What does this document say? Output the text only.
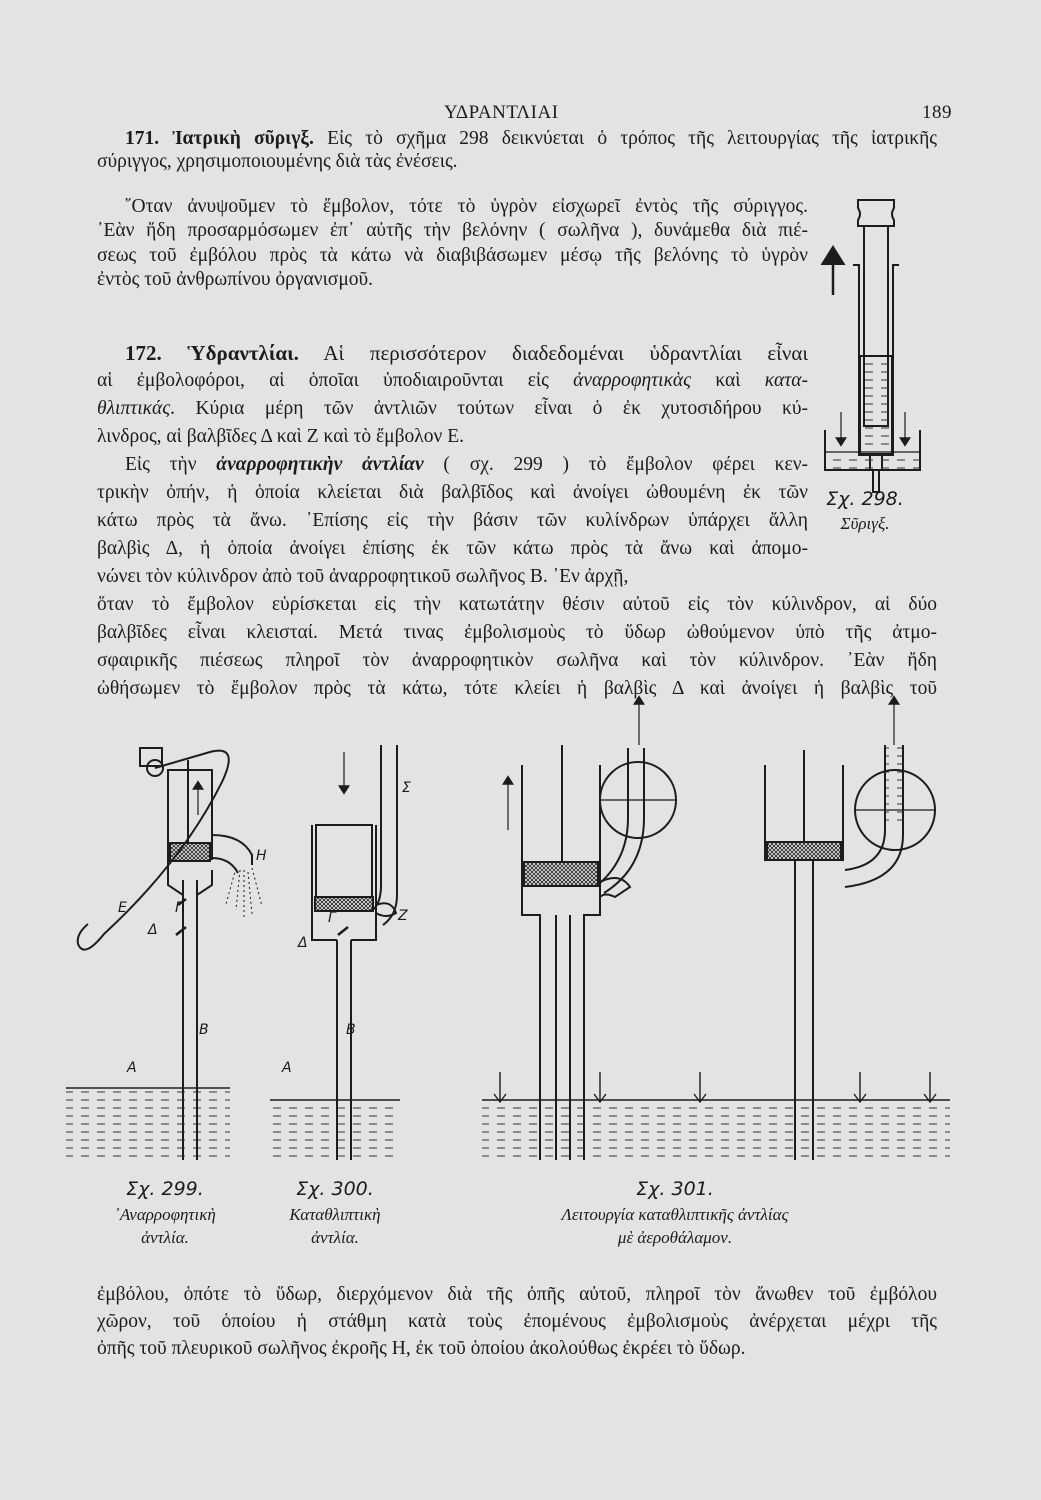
ΥΔΡΑΝΤΛΙΑΙ	189
171. Ἰατρικὴ σῦριγξ. Εἰς τὸ σχῆμα 298 δεικνύεται ὁ τρόπος τῆς λειτουργίας τῆς ἰατρικῆς
σύριγγος, χρησιμοποιουμένης διὰ τὰς ἐνέσεις.
῞Οταν ἀνυψοῦμεν τὸ ἔμβολον, τότε τὸ ὑγρὸν εἰσχωρεῖ ἐντὸς τῆς σύριγγος.
᾿Εὰν ἤδη προσαρμόσωμεν ἐπ᾿ αὐτῆς τὴν βελόνην ( σωλῆνα ), δυνάμεθα διὰ πιέ-
σεως τοῦ ἐμβόλου πρὸς τὰ κάτω νὰ διαβιβάσωμεν μέσῳ τῆς βελόνης τὸ ὑγρὸν
ἐντὸς τοῦ ἀνθρωπίνου ὀργανισμοῦ.
172. Ὑδραντλίαι. Αἱ περισσότερον διαδεδομέναι ὑδραντλίαι εἶναι
αἱ ἐμβολοφόροι, αἱ ὁποῖαι ὑποδιαιροῦνται εἰς ἀναρροφητικὰς καὶ κατα-
θλιπτικάς. Κύρια μέρη τῶν ἀντλιῶν τούτων εἶναι ὁ ἐκ χυτοσιδήρου κύ-
λινδρος, αἱ βαλβῖδες Δ καὶ Ζ καὶ τὸ ἔμβολον Ε.
Εἰς τὴν ἀναρροφητικὴν ἀντλίαν ( σχ. 299 ) τὸ ἔμβολον φέρει κεν-
τρικὴν ὀπήν, ἡ ὁποία κλείεται διὰ βαλβῖδος καὶ ἀνοίγει ὠθουμένη ἐκ τῶν
κάτω πρὸς τὰ ἄνω. ᾿Επίσης εἰς τὴν βάσιν τῶν κυλίνδρων ὑπάρχει ἄλλη
βαλβὶς Δ, ἡ ὁποία ἀνοίγει ἐπίσης ἐκ τῶν κάτω πρὸς τὰ ἄνω καὶ ἀπομο-
νώνει τὸν κύλινδρον ἀπὸ τοῦ ἀναρροφητικοῦ σωλῆνος Β. ᾿Εν ἀρχῇ,
ὅταν τὸ ἔμβολον εὑρίσκεται εἰς τὴν κατωτάτην θέσιν αὐτοῦ εἰς τὸν κύλινδρον, αἱ δύο
βαλβῖδες εἶναι κλεισταί. Μετά τινας ἐμβολισμοὺς τὸ ὕδωρ ὠθούμενον ὑπὸ τῆς ἀτμο-
σφαιρικῆς πιέσεως πληροῖ τὸν ἀναρροφητικὸν σωλῆνα καὶ τὸν κύλινδρον. ᾿Εὰν ἤδη
ὠθήσωμεν τὸ ἔμβολον πρὸς τὰ κάτω, τότε κλείει ἡ βαλβὶς Δ καὶ ἀνοίγει ἡ βαλβὶς τοῦ
E
Δ
Γ
H
B
A
Σ
Γ	Z
Δ
B
A
Σχ. 298.
Σῦριγξ.
Σχ. 299.
᾿Αναρροφητικὴ
ἀντλία.
Σχ. 300.
Καταθλιπτικὴ
ἀντλία.
Σχ. 301.
Λειτουργία καταθλιπτικῆς ἀντλίας
μὲ ἀεροθάλαμον.
ἐμβόλου, ὁπότε τὸ ὕδωρ, διερχόμενον διὰ τῆς ὀπῆς αὐτοῦ, πληροῖ τὸν ἄνωθεν τοῦ ἐμβόλου
χῶρον, τοῦ ὁποίου ἡ στάθμη κατὰ τοὺς ἐπομένους ἐμβολισμοὺς ἀνέρχεται μέχρι τῆς
ὀπῆς τοῦ πλευρικοῦ σωλῆνος ἐκροῆς Η, ἐκ τοῦ ὁποίου ἀκολούθως ἐκρέει τὸ ὕδωρ.
